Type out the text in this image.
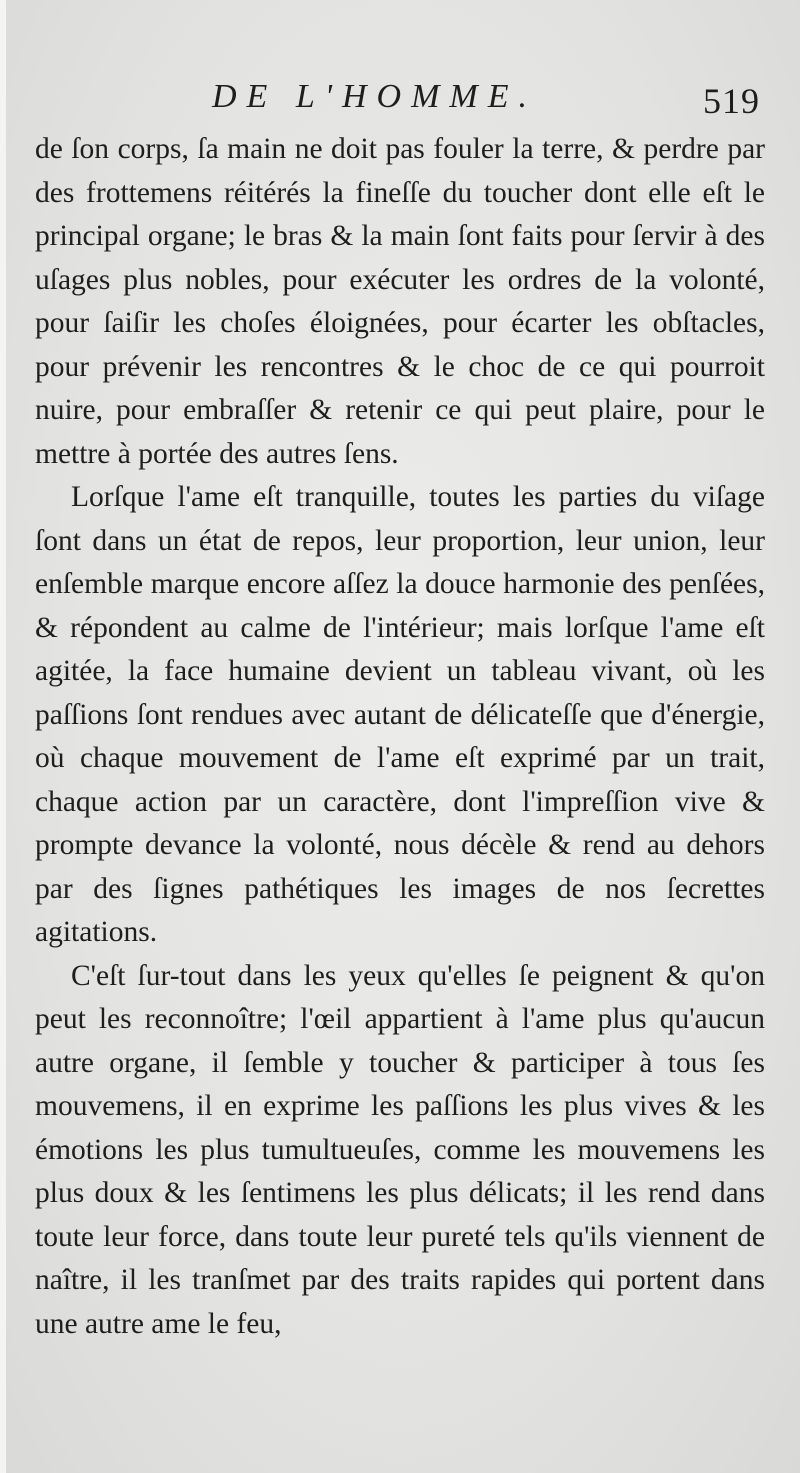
DE L'HOMME.	519

de ſon corps, ſa main ne doit pas fouler la terre, & perdre par des frottemens réitérés la fineſſe du toucher dont elle eſt le principal organe; le bras & la main ſont faits pour ſervir à des uſages plus nobles, pour exécuter les ordres de la volonté, pour ſaiſir les choſes éloignées, pour écarter les obſtacles, pour prévenir les rencontres & le choc de ce qui pourroit nuire, pour embraſſer & retenir ce qui peut plaire, pour le mettre à portée des autres ſens.

Lorſque l'ame eſt tranquille, toutes les parties du viſage ſont dans un état de repos, leur proportion, leur union, leur enſemble marque encore aſſez la douce harmonie des penſées, & répondent au calme de l'intérieur; mais lorſque l'ame eſt agitée, la face humaine devient un tableau vivant, où les paſſions ſont rendues avec autant de délicateſſe que d'énergie, où chaque mouvement de l'ame eſt exprimé par un trait, chaque action par un caractère, dont l'impreſſion vive & prompte devance la volonté, nous décèle & rend au dehors par des ſignes pathétiques les images de nos ſecrettes agitations.

C'eſt ſur-tout dans les yeux qu'elles ſe peignent & qu'on peut les reconnoître; l'œil appartient à l'ame plus qu'aucun autre organe, il ſemble y toucher & participer à tous ſes mouvemens, il en exprime les paſſions les plus vives & les émotions les plus tumultueuſes, comme les mouvemens les plus doux & les ſentimens les plus délicats; il les rend dans toute leur force, dans toute leur pureté tels qu'ils viennent de naître, il les tranſmet par des traits rapides qui portent dans une autre ame le feu,
